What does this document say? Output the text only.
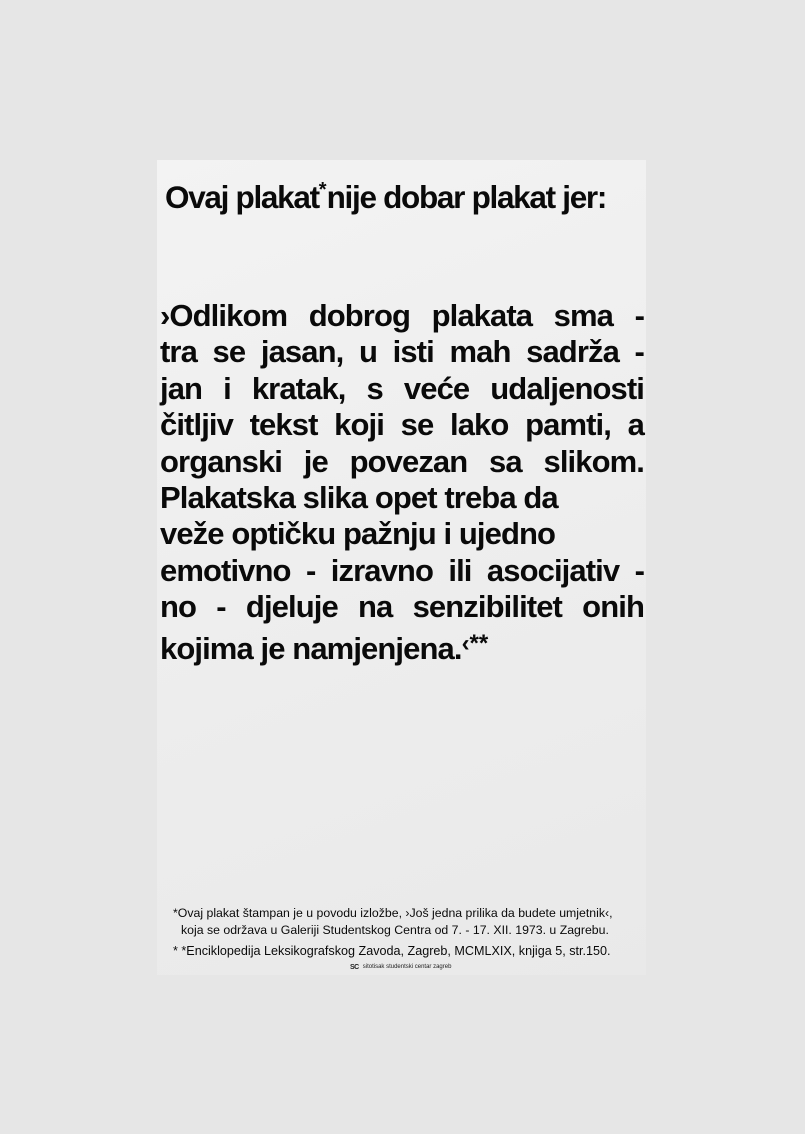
Ovaj plakat*nije dobar plakat jer:
›Odlikom dobrog plakata sma -
tra se jasan, u isti mah sadrža -
jan i kratak, s veće udaljenosti
čitljiv tekst koji se lako pamti, a
organski je povezan sa slikom.
Plakatska slika opet treba da
veže optičku pažnju i ujedno
emotivno - izravno ili asocijativ -
no - djeluje na senzibilitet onih
kojima je namjenjena.‹**
*Ovaj plakat štampan je u povodu izložbe, ›Još jedna prilika da budete umjetnik‹,
koja se održava u Galeriji Studentskog Centra od 7. - 17. XII. 1973. u Zagrebu.
* *Enciklopedija Leksikografskog Zavoda, Zagreb, MCMLXIX, knjiga 5, str.150.
SC sitotisak studentski centar zagreb
